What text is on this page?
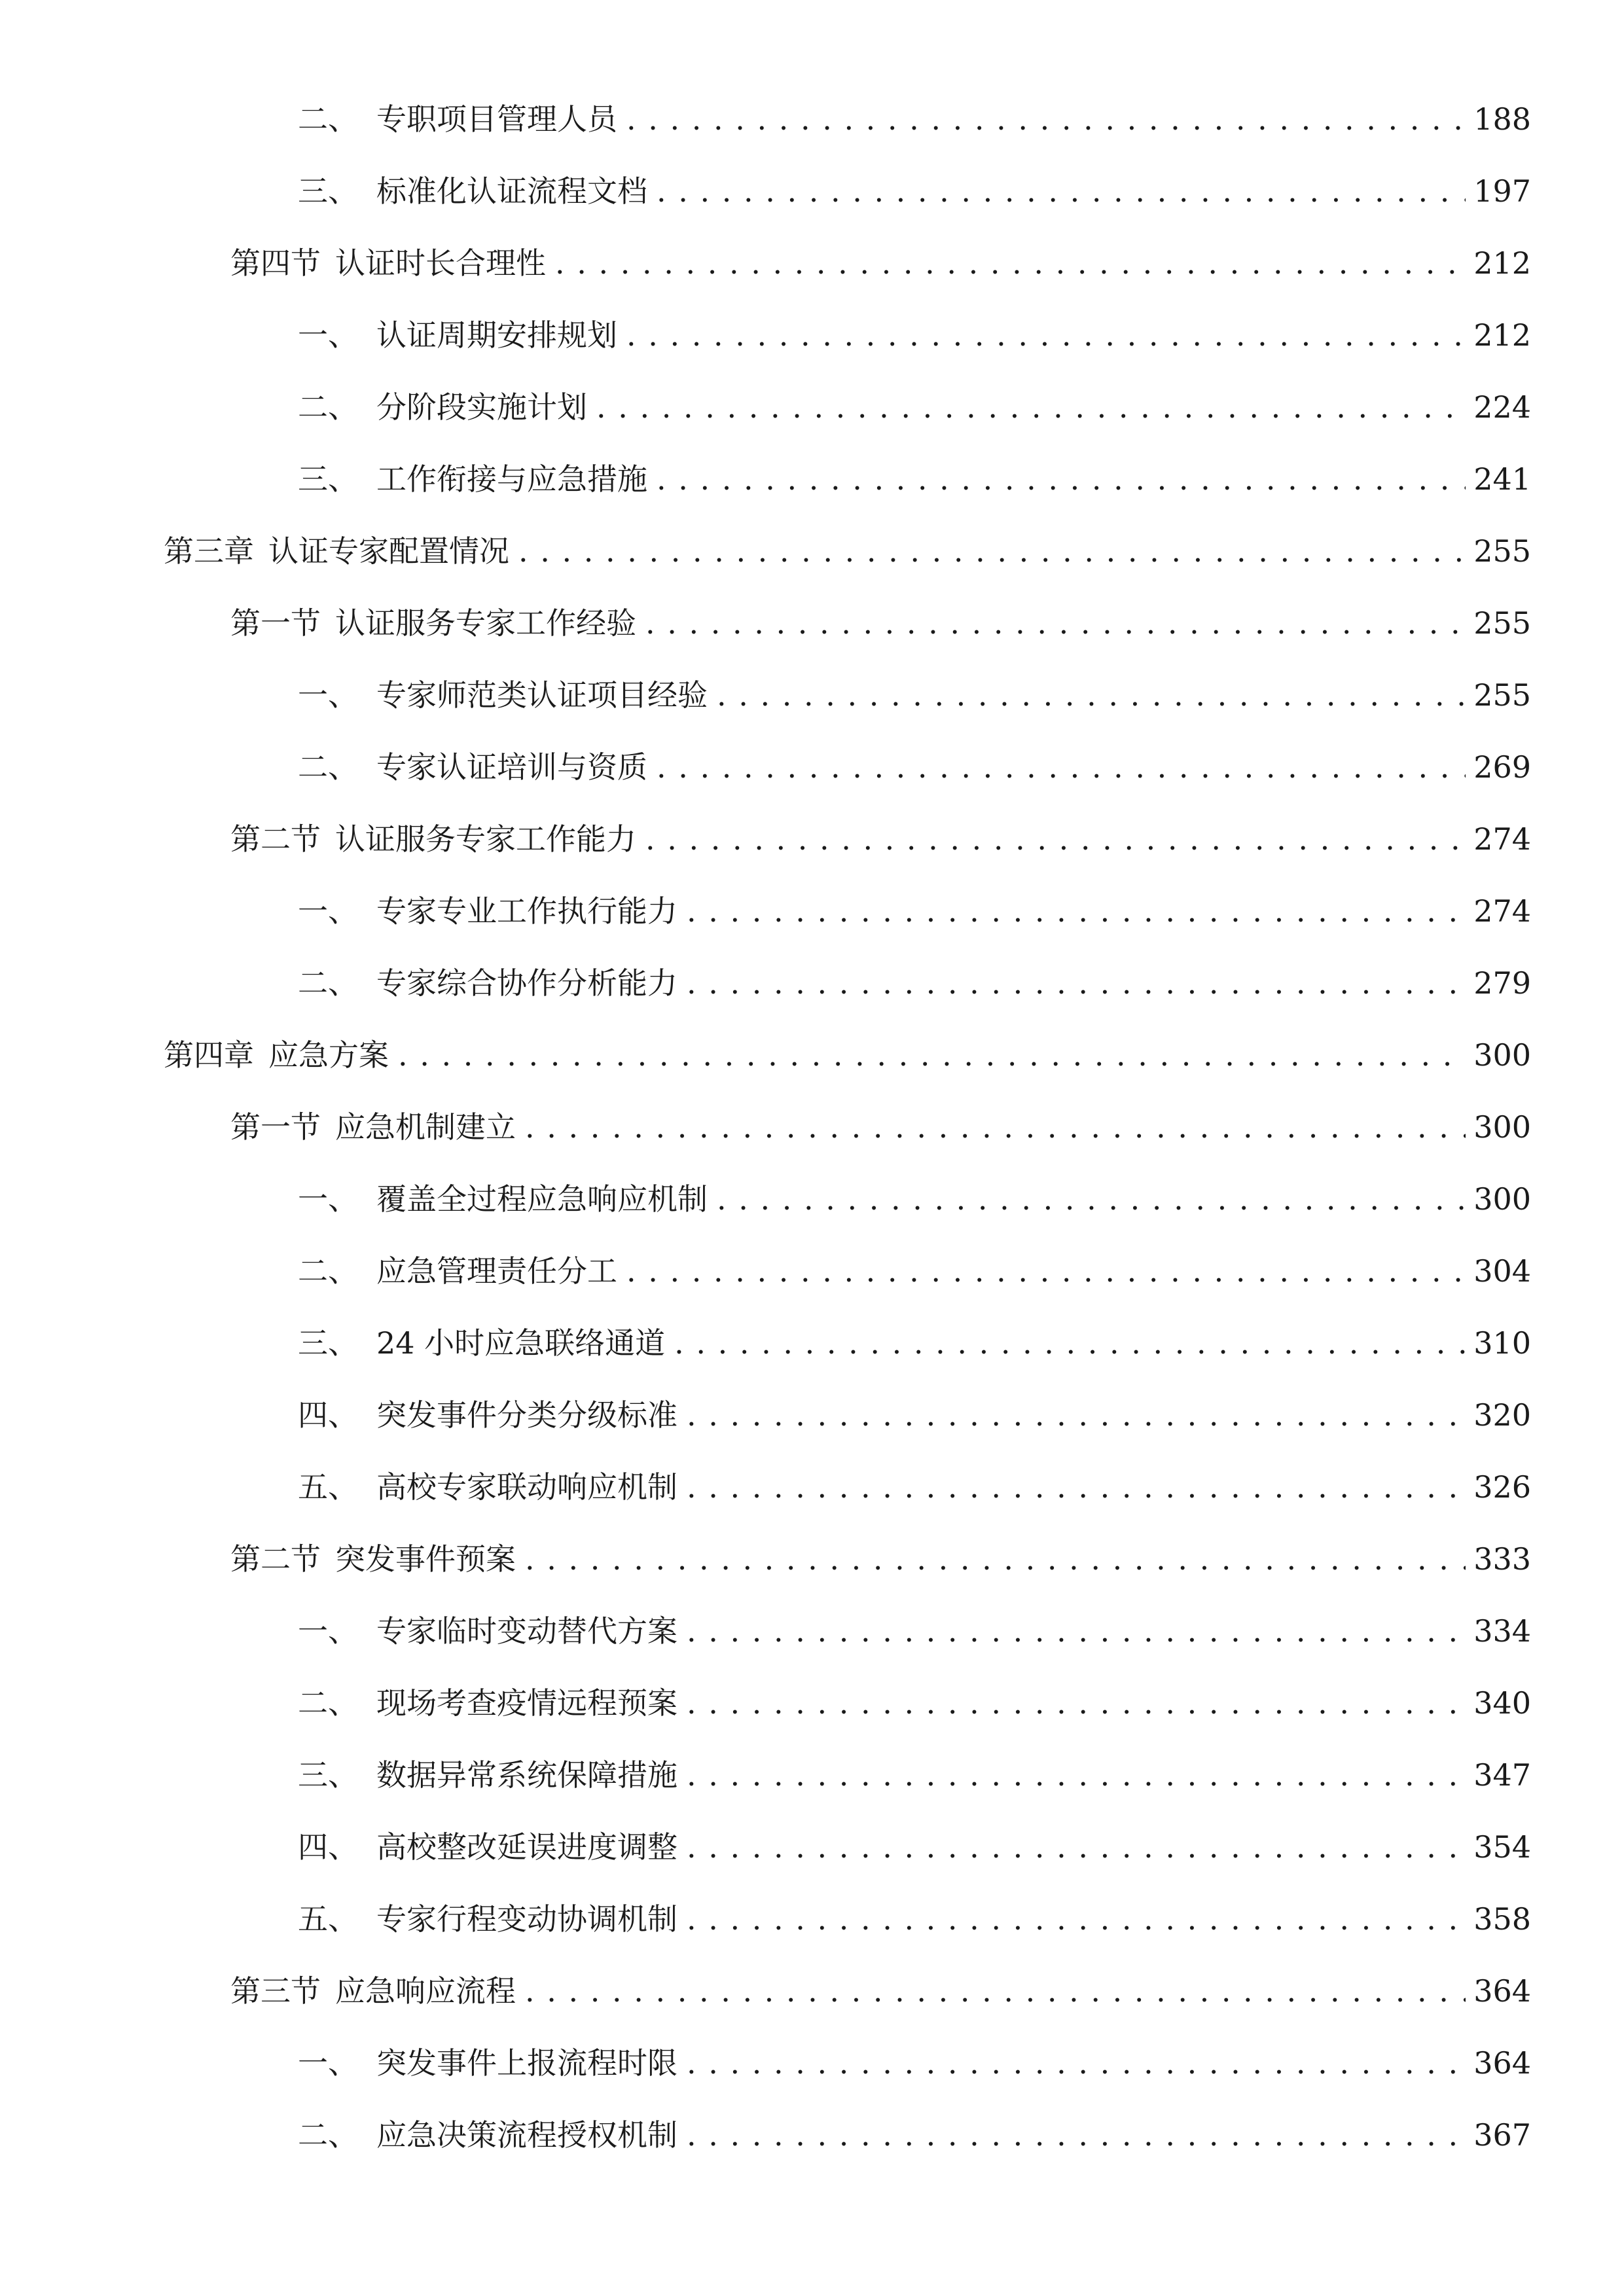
二、 专职项目管理人员 . . .	188
三、 标准化认证流程文档 . . .	197
第四节 认证时长合理性 . . .	212
一、 认证周期安排规划 . . .	212
二、 分阶段实施计划 . . .	224
三、 工作衔接与应急措施 . . .	241
第三章 认证专家配置情况 . . .	255
第一节 认证服务专家工作经验 . . .	255
一、 专家师范类认证项目经验 . . .	255
二、 专家认证培训与资质 . . .	269
第二节 认证服务专家工作能力 . . .	274
一、 专家专业工作执行能力 . . .	274
二、 专家综合协作分析能力 . . .	279
第四章 应急方案 . . .	300
第一节 应急机制建立 . . .	300
一、 覆盖全过程应急响应机制 . . .	300
二、 应急管理责任分工 . . .	304
三、 24 小时应急联络通道 . . .	310
四、 突发事件分类分级标准 . . .	320
五、 高校专家联动响应机制 . . .	326
第二节 突发事件预案 . . .	333
一、 专家临时变动替代方案 . . .	334
二、 现场考查疫情远程预案 . . .	340
三、 数据异常系统保障措施 . . .	347
四、 高校整改延误进度调整 . . .	354
五、 专家行程变动协调机制 . . .	358
第三节 应急响应流程 . . .	364
一、 突发事件上报流程时限 . . .	364
二、 应急决策流程授权机制 . . .	367
